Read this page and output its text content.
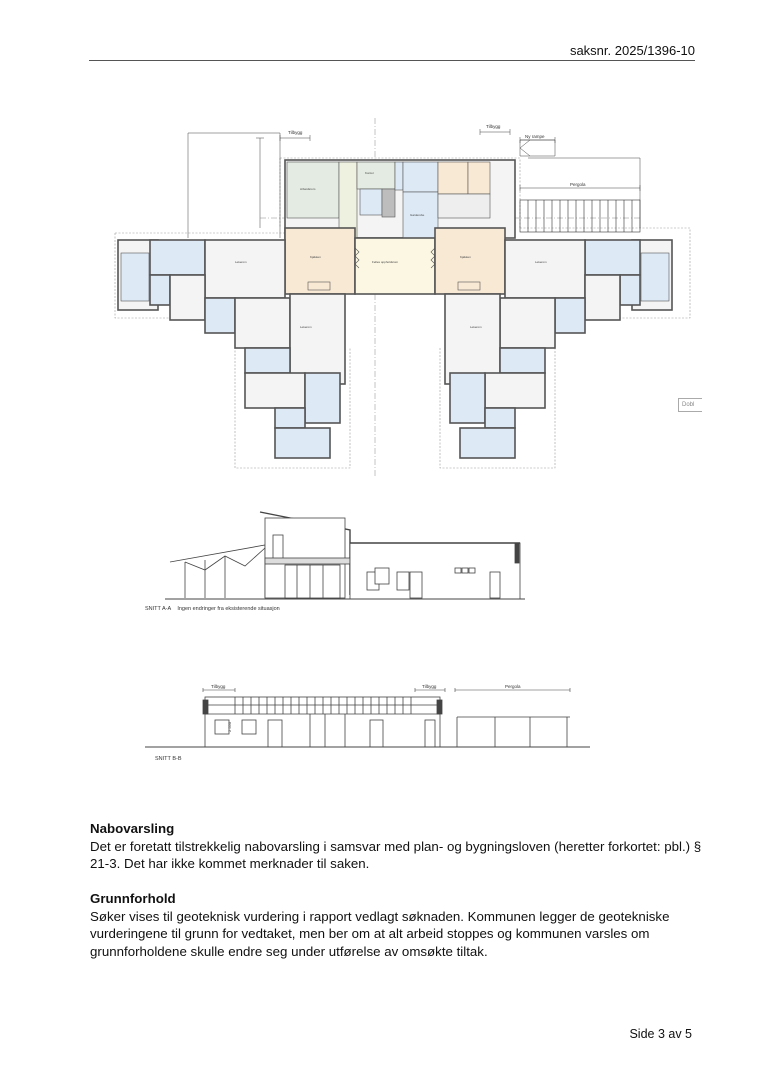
saksnr. 2025/1396-10
Tilbygg
Tilbygg
Ny rampe
Pergola
Arbeidsrom
Kontor
Garderobe
Kjøkken
Felles oppholdsrom
Kjøkken
Lekerom
Lekerom
Lekerom
Lekerom
Dobl
SNITT A-A Ingen endringer fra eksisterende situasjon
Tilbygg	Tilbygg	Pergola
2 550
SNITT B-B
Nabovarsling

Det er foretatt tilstrekkelig nabovarsling i samsvar med plan- og bygningsloven (heretter forkortet: pbl.) § 21-3. Det har ikke kommet merknader til saken.

Grunnforhold

Søker vises til geoteknisk vurdering i rapport vedlagt søknaden. Kommunen legger de geotekniske vurderingene til grunn for vedtaket, men ber om at alt arbeid stoppes og kommunen varsles om grunnforholdene skulle endre seg under utførelse av omsøkte tiltak.

Side 3 av 5
